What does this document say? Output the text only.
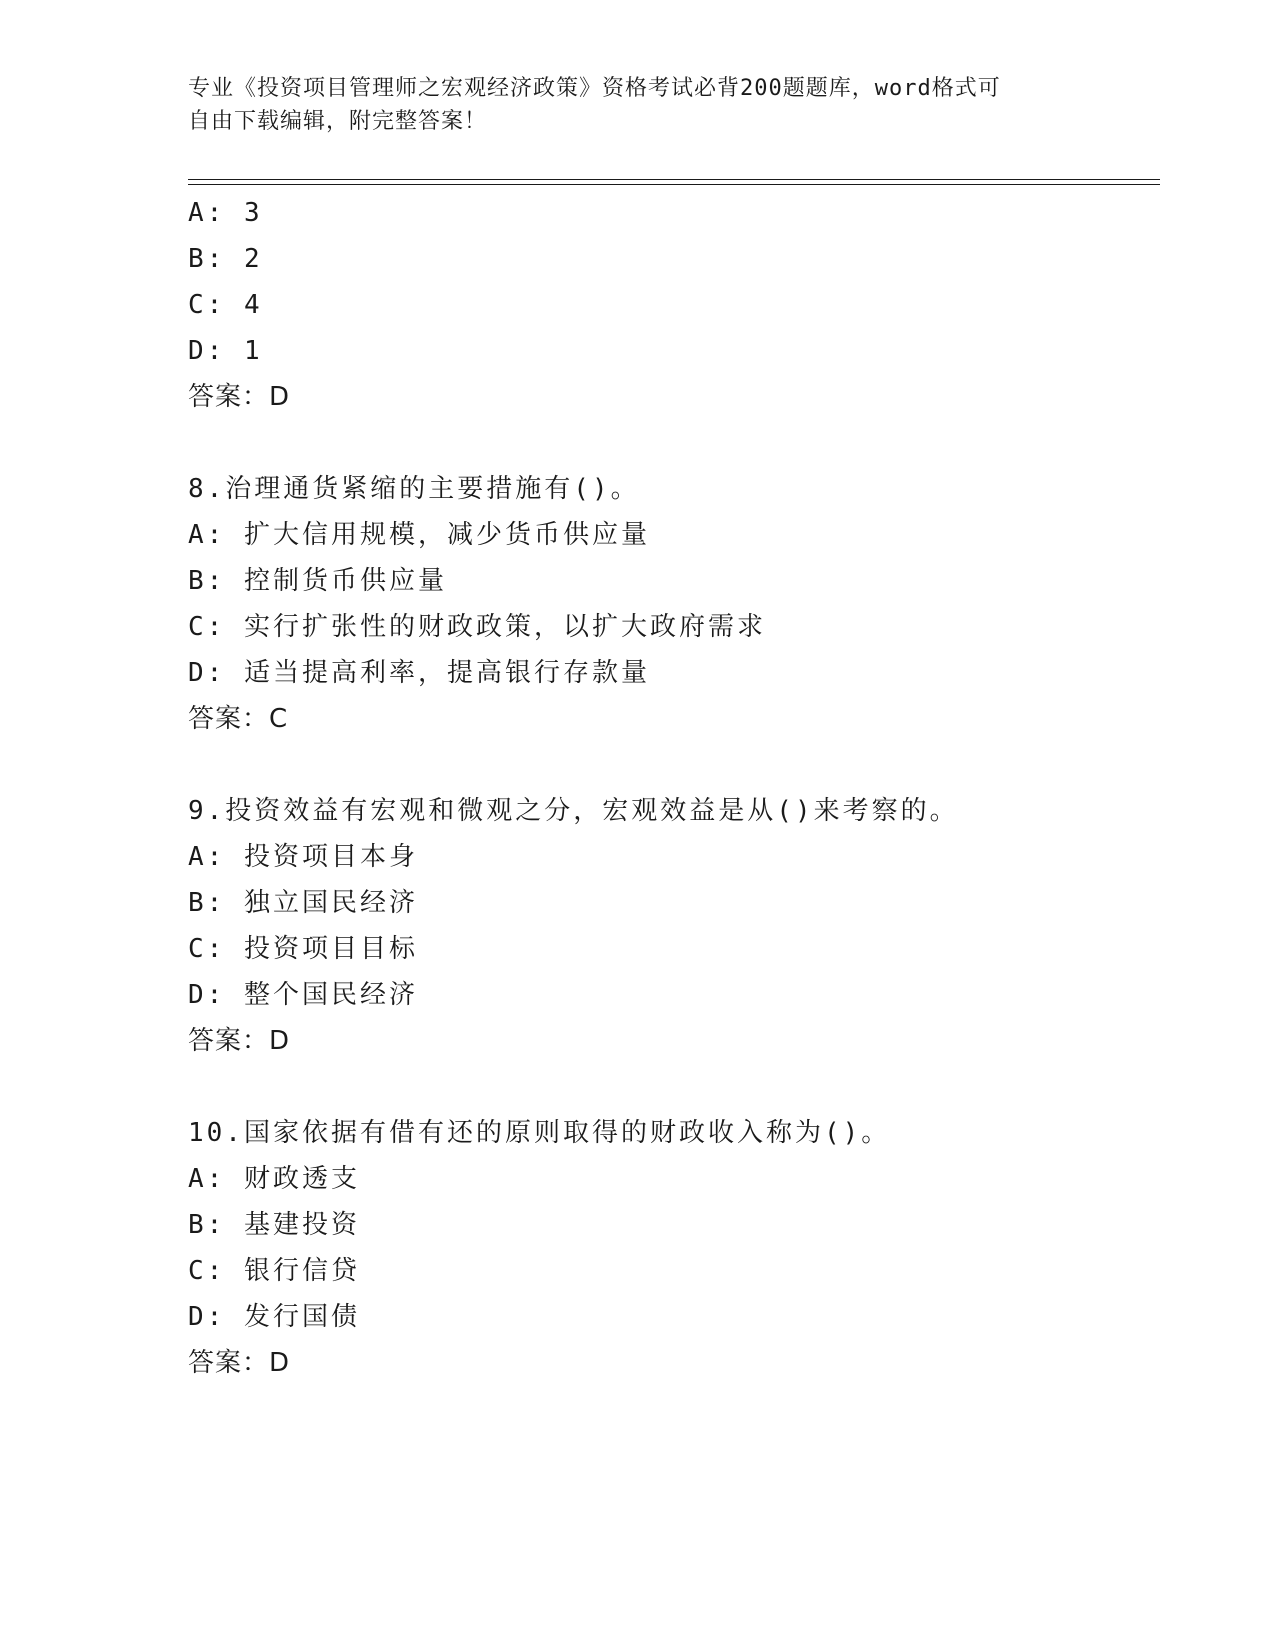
专业《投资项目管理师之宏观经济政策》资格考试必背200题题库，word格式可
自由下载编辑，附完整答案！
A: 3
B: 2
C: 4
D: 1
答案：D
8.治理通货紧缩的主要措施有()。
A: 扩大信用规模，减少货币供应量
B: 控制货币供应量
C: 实行扩张性的财政政策，以扩大政府需求
D: 适当提高利率，提高银行存款量
答案：C
9.投资效益有宏观和微观之分，宏观效益是从()来考察的。
A: 投资项目本身
B: 独立国民经济
C: 投资项目目标
D: 整个国民经济
答案：D
10.国家依据有借有还的原则取得的财政收入称为()。
A: 财政透支
B: 基建投资
C: 银行信贷
D: 发行国债
答案：D
